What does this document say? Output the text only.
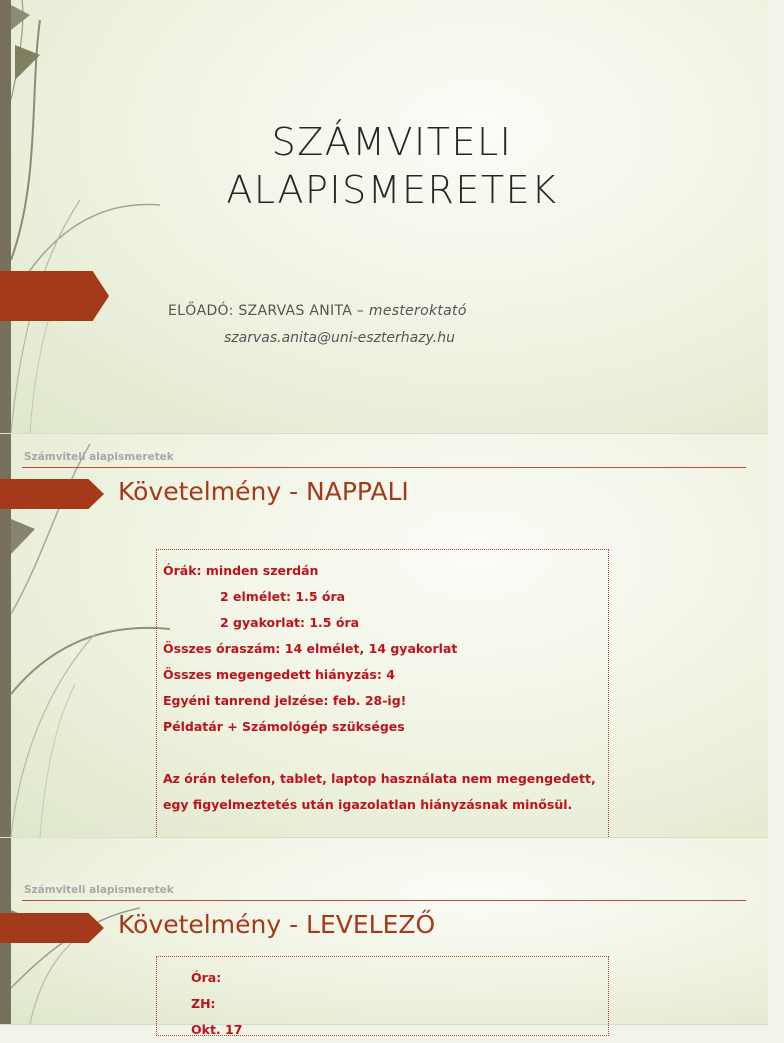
SZÁMVITELI
ALAPISMERETEK
ELŐADÓ: SZARVAS ANITA – mesteroktató
szarvas.anita@uni-eszterhazy.hu
Számviteli alapismeretek
Követelmény - NAPPALI
Órák: minden szerdán
2 elmélet: 1.5 óra
2 gyakorlat: 1.5 óra
Összes óraszám: 14 elmélet, 14 gyakorlat
Összes megengedett hiányzás: 4
Egyéni tanrend jelzése: feb. 28-ig!
Példatár + Számológép szükséges
Az órán telefon, tablet, laptop használata nem megengedett,
egy figyelmeztetés után igazolatlan hiányzásnak minősül.
Számviteli alapismeretek
Követelmény - LEVELEZŐ
Óra:
ZH:
Okt. 17
